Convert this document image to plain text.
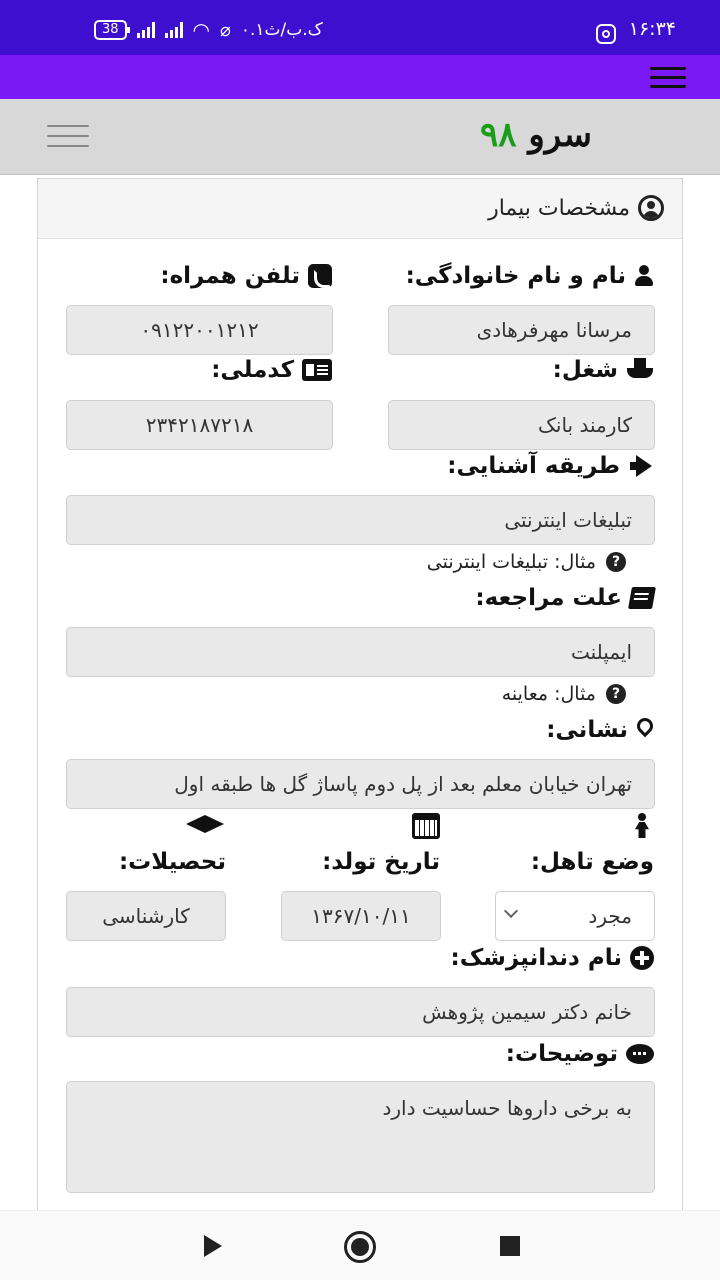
38	◠ ⌀ ۰.۱ک.ب/ث	۱۶:۳۴
سرو ۹۸
مشخصات بیمار
نام و نام خانوادگی:
تلفن همراه:
مرسانا مهرفرهادی
۰۹۱۲۲۰۰۱۲۱۲
شغل:
کدملی:
کارمند بانک
۲۳۴۲۱۸۷۲۱۸
طریقه آشنایی:
تبلیغات اینترنتی
?
مثال: تبلیغات اینترنتی
علت مراجعه:
ایمپلنت
?
مثال: معاینه
نشانی:
تهران خیابان معلم بعد از پل دوم پاساژ گل ها طبقه اول
وضع تاهل:
تاریخ تولد:
تحصیلات:
مجرد
۱۳۶۷/۱۰/۱۱
کارشناسی
نام دندانپزشک:
خانم دکتر سیمین پژوهش
توضیحات:
به برخی داروها حساسیت دارد
